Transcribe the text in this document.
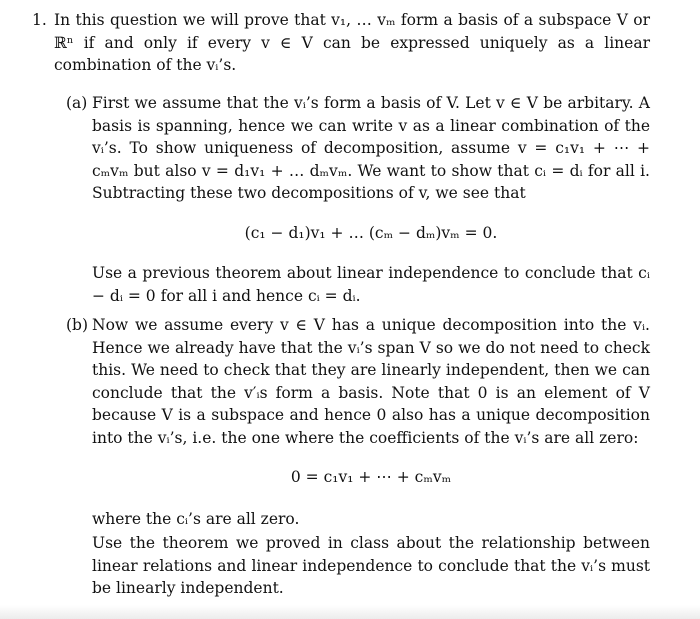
1. In this question we will prove that v₁, … vₘ form a basis of a subspace V or ℝⁿ if and only if every v ∈ V can be expressed uniquely as a linear combination of the vᵢ’s.
(a) First we assume that the vᵢ’s form a basis of V. Let v ∈ V be arbitary. A basis is spanning, hence we can write v as a linear combination of the vᵢ’s. To show uniqueness of decomposition, assume v = c₁v₁ + ⋯ + cₘvₘ but also v = d₁v₁ + … dₘvₘ. We want to show that cᵢ = dᵢ for all i. Subtracting these two decompositions of v, we see that
(c₁ − d₁)v₁ + … (cₘ − dₘ)vₘ = 0.
Use a previous theorem about linear independence to conclude that cᵢ − dᵢ = 0 for all i and hence cᵢ = dᵢ.
(b) Now we assume every v ∈ V has a unique decomposition into the vᵢ. Hence we already have that the vᵢ’s span V so we do not need to check this. We need to check that they are linearly independent, then we can conclude that the v′ᵢs form a basis. Note that 0 is an element of V because V is a subspace and hence 0 also has a unique decomposition into the vᵢ’s, i.e. the one where the coefficients of the vᵢ’s are all zero:
0 = c₁v₁ + ⋯ + cₘvₘ
where the cᵢ’s are all zero.
Use the theorem we proved in class about the relationship between linear relations and linear independence to conclude that the vᵢ’s must be linearly independent.
